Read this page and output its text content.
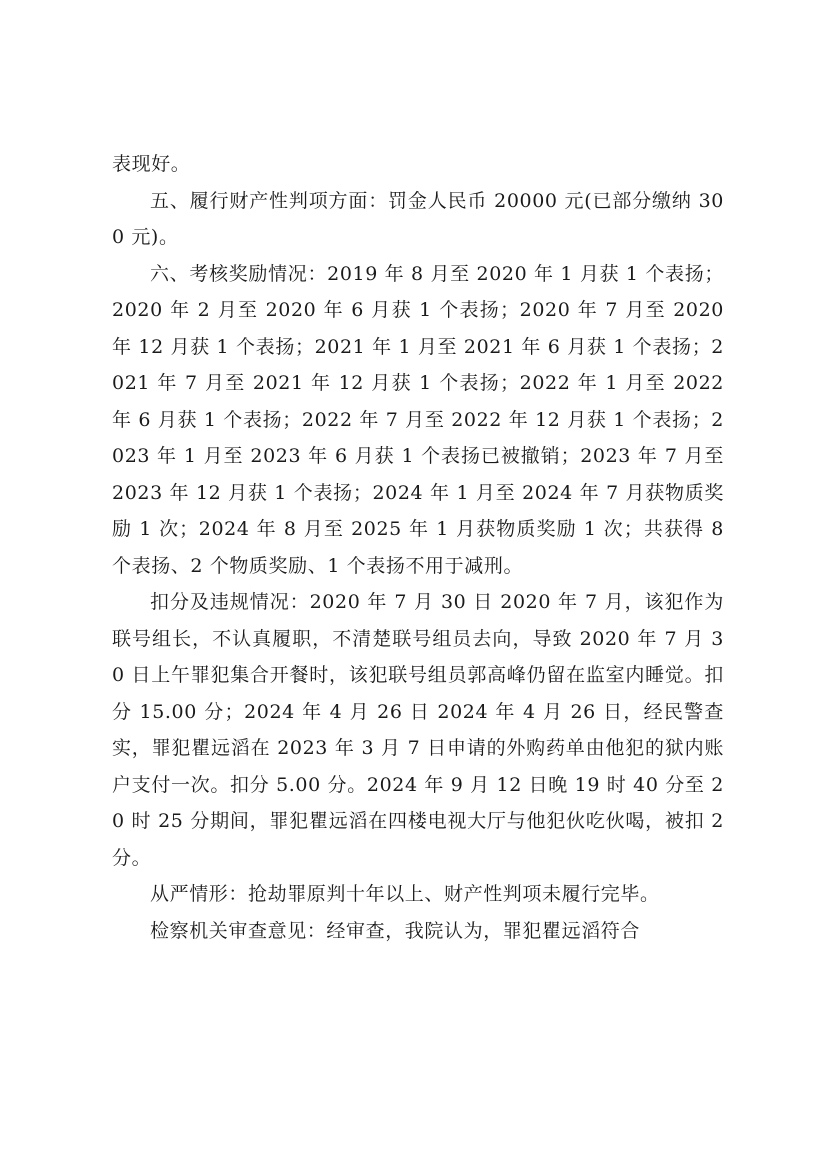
表现好。

五、履行财产性判项方面：罚金人民币 20000 元(已部分缴纳 300 元)。

六、考核奖励情况：2019 年 8 月至 2020 年 1 月获 1 个表扬；2020 年 2 月至 2020 年 6 月获 1 个表扬；2020 年 7 月至 2020 年 12 月获 1 个表扬；2021 年 1 月至 2021 年 6 月获 1 个表扬；2021 年 7 月至 2021 年 12 月获 1 个表扬；2022 年 1 月至 2022 年 6 月获 1 个表扬；2022 年 7 月至 2022 年 12 月获 1 个表扬；2023 年 1 月至 2023 年 6 月获 1 个表扬已被撤销；2023 年 7 月至 2023 年 12 月获 1 个表扬；2024 年 1 月至 2024 年 7 月获物质奖励 1 次；2024 年 8 月至 2025 年 1 月获物质奖励 1 次；共获得 8 个表扬、2 个物质奖励、1 个表扬不用于减刑。

扣分及违规情况：2020 年 7 月 30 日 2020 年 7 月，该犯作为联号组长，不认真履职，不清楚联号组员去向，导致 2020 年 7 月 30 日上午罪犯集合开餐时，该犯联号组员郭高峰仍留在监室内睡觉。扣分 15.00 分；2024 年 4 月 26 日 2024 年 4 月 26 日，经民警查实，罪犯瞿远滔在 2023 年 3 月 7 日申请的外购药单由他犯的狱内账户支付一次。扣分 5.00 分。2024 年 9 月 12 日晚 19 时 40 分至 20 时 25 分期间，罪犯瞿远滔在四楼电视大厅与他犯伙吃伙喝，被扣 2 分。

从严情形：抢劫罪原判十年以上、财产性判项未履行完毕。

检察机关审查意见：经审查，我院认为，罪犯瞿远滔符合
